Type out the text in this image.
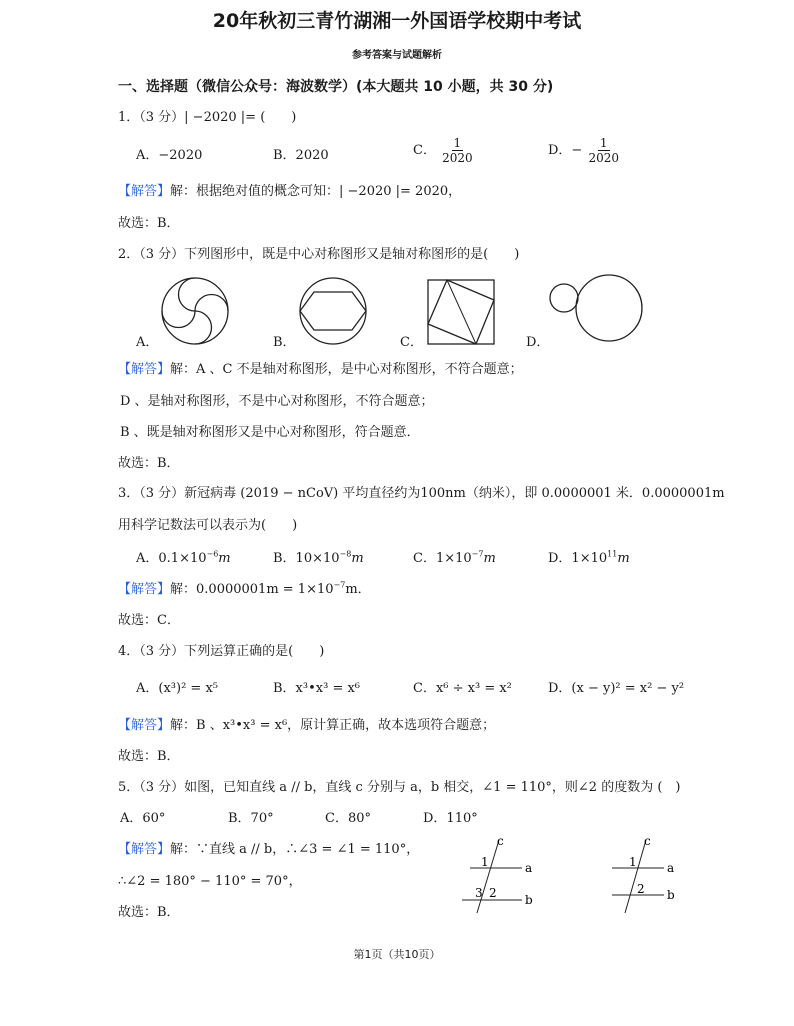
20年秋初三青竹湖湘一外国语学校期中考试
参考答案与试题解析
一、选择题（微信公众号：海波数学）(本大题共 10 小题，共 30 分)
1．（3 分）| −2020 |= (　　)
A．−2020	B．2020	C． $\frac{1}{2020}$	D．− $\frac{1}{2020}$
【解答】解：根据绝对值的概念可知：| −2020 |= 2020，
故选：B．
2．（3 分）下列图形中，既是中心对称图形又是轴对称图形的是(　　)
A．	B．	C．	D．
【解答】解：A 、C 不是轴对称图形，是中心对称图形，不符合题意；
D 、是轴对称图形，不是中心对称图形，不符合题意；
B 、既是轴对称图形又是中心对称图形，符合题意．
故选：B．
3．（3 分）新冠病毒 (2019 − nCoV) 平均直径约为100nm（纳米），即 0.0000001 米．0.0000001m
用科学记数法可以表示为(　　)
A．$0.1\times 10^{-6}m$	B．$10\times 10^{-8}m$	C．$1\times 10^{-7}m$	D．$1\times 10^{11}m$
【解答】解：$0.0000001m = 1\times 10^{-7}m$．
故选：C．
4．（3 分）下列运算正确的是(　　)
A．(x³)² = x⁵	B．x³•x³ = x⁶	C．x⁶ ÷ x³ = x²	D．(x − y)² = x² − y²
【解答】解：B 、x³•x³ = x⁶，原计算正确，故本选项符合题意；
故选：B．
5．（3 分）如图，已知直线 a // b，直线 c 分别与 a，b 相交，∠1 = 110°，则∠2 的度数为 (　)
A．60°	B．70°	C．80°	D．110°
【解答】解：∵直线 a // b，∴∠3 = ∠1 = 110°，
∴∠2 = 180° − 110° = 70°，
故选：B．
c
a
b
1
3 2
c
a
b
1
2
第1页（共10页）
